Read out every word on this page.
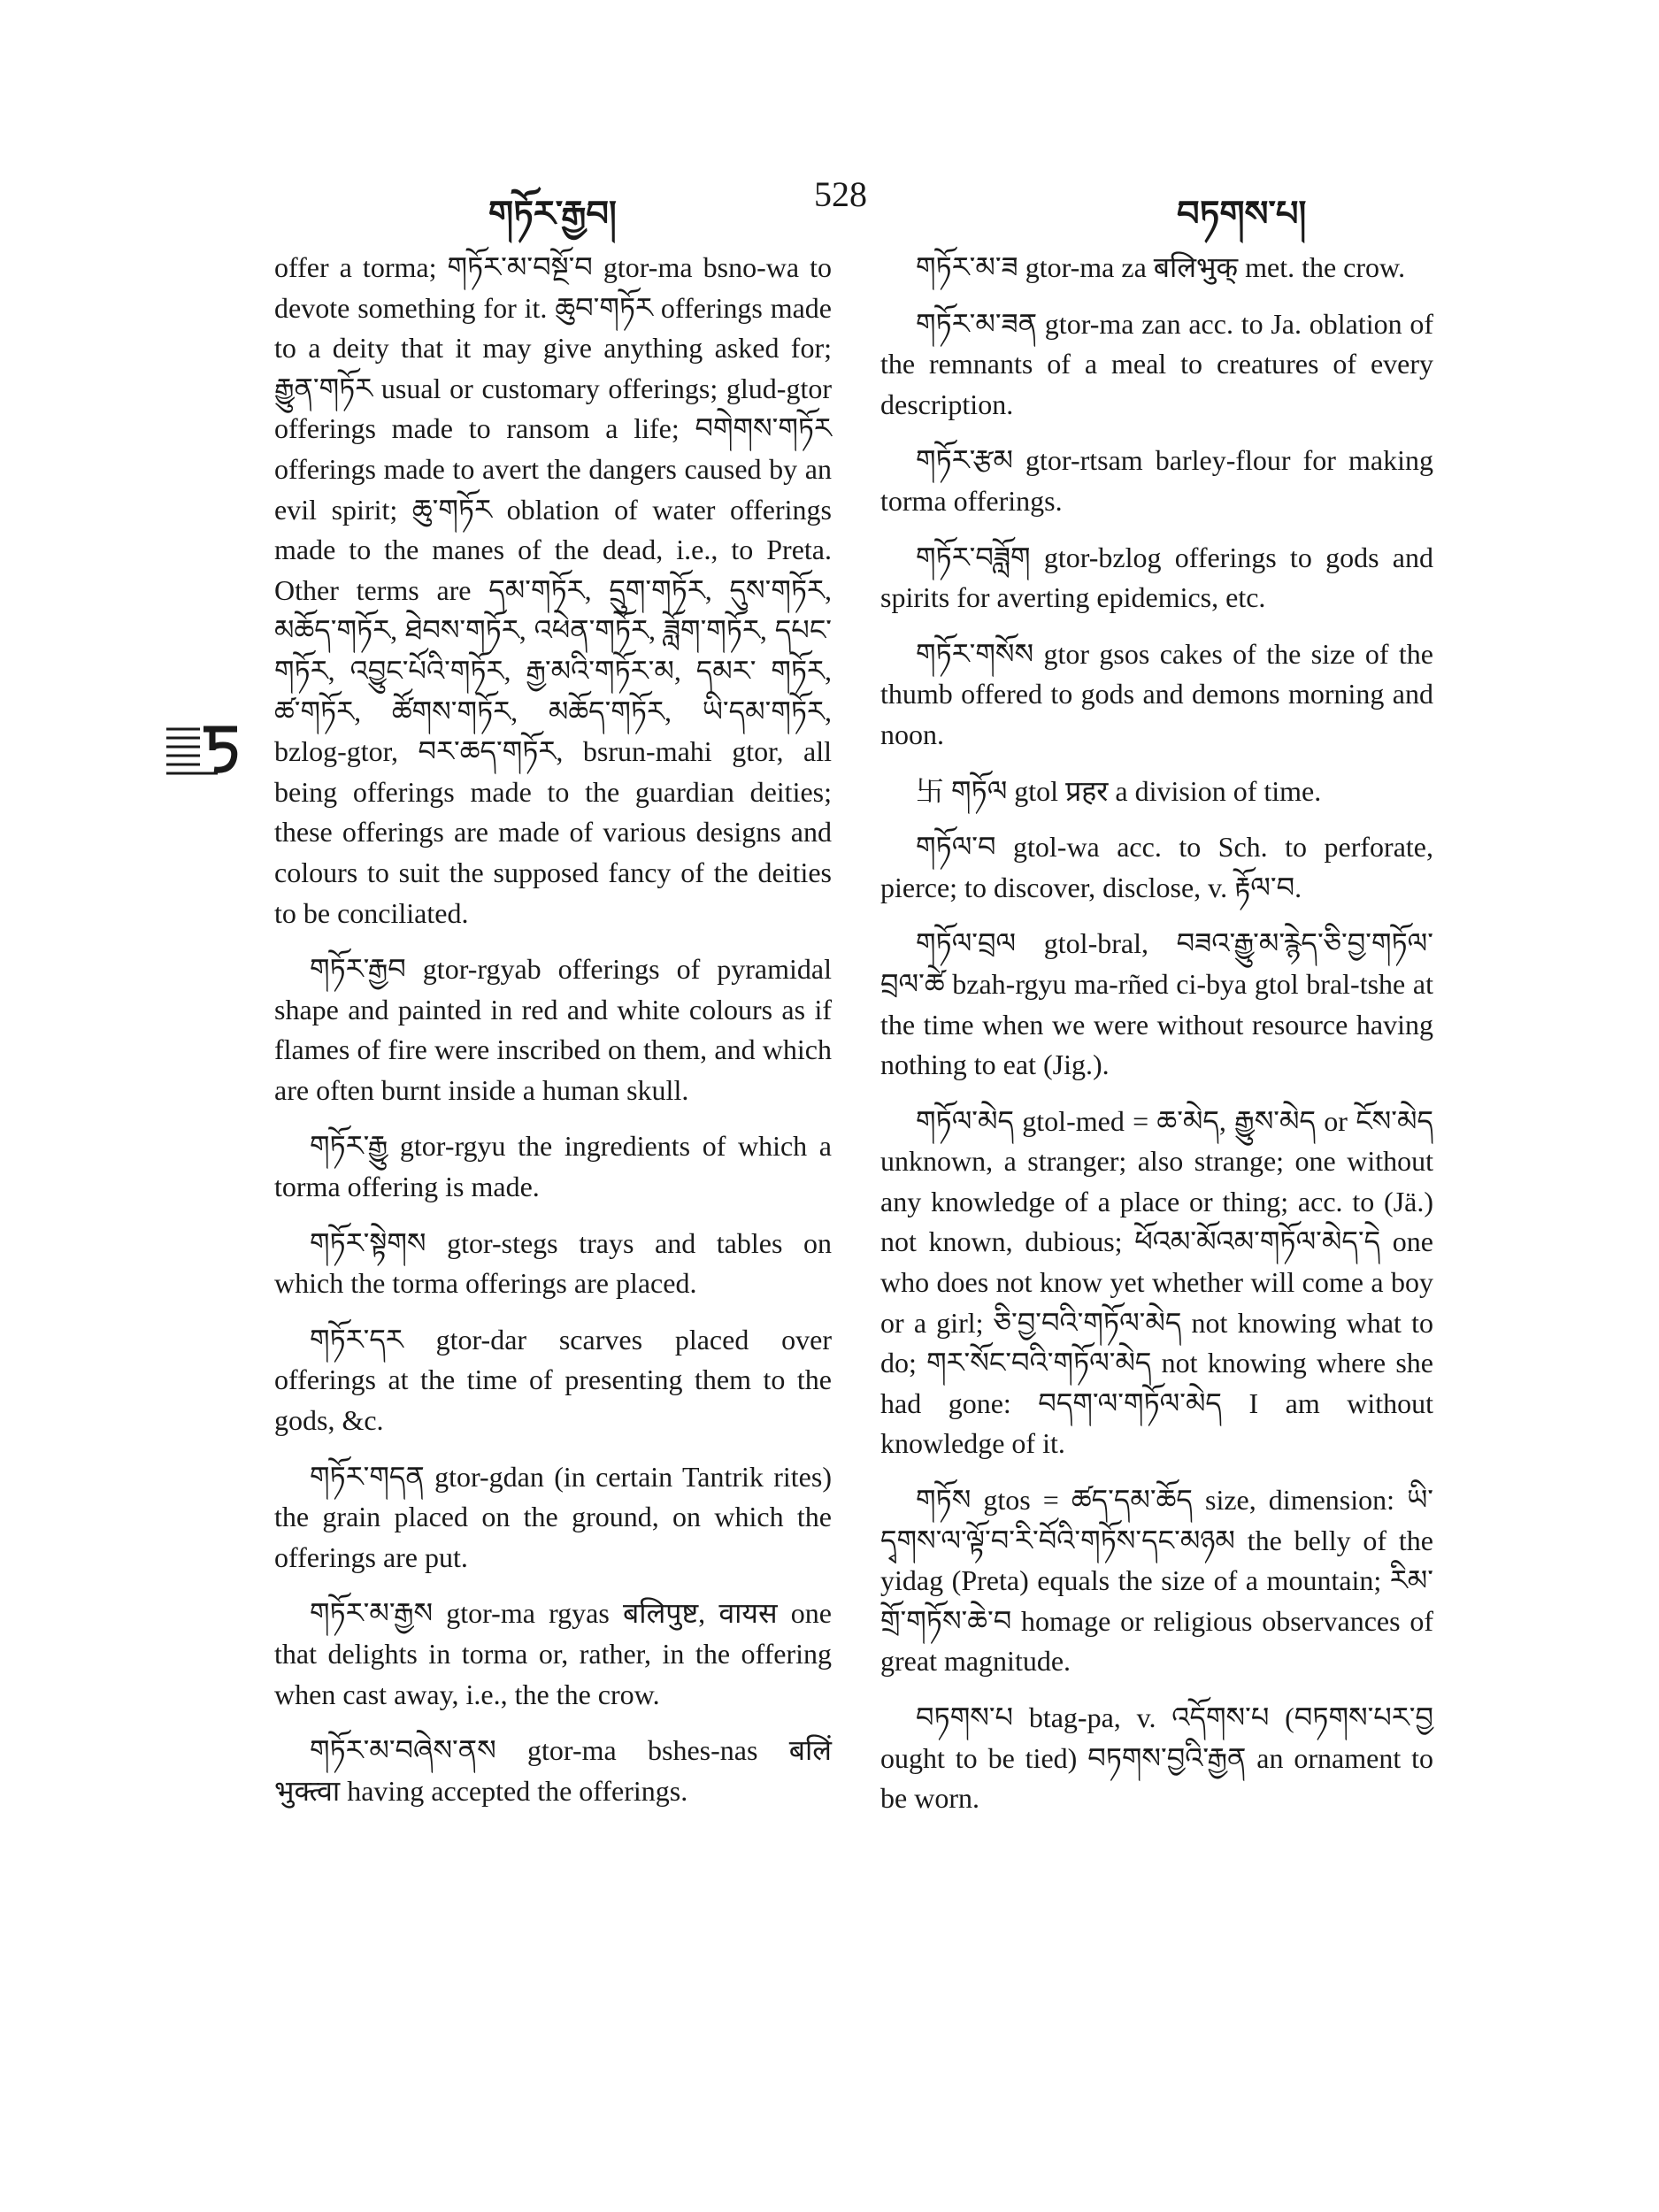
གཏོར་རྒྱབ།	528	བཏགས་པ།

offer a torma; གཏོར་མ་བསྔོ་བ gtor-ma bsno-wa to devote something for it. ཆུབ་གཏོར offerings made to a deity that it may give anything asked for; རྒྱུན་གཏོར usual or customary offerings; glud-gtor offerings made to ransom a life; བགེགས་གཏོར offerings made to avert the dangers caused by an evil spirit; ཆུ་གཏོར oblation of water offerings made to the manes of the dead, i.e., to Preta. Other terms are དམ་གཏོར, དྲུག་གཏོར, དུས་གཏོར, མཆོད་གཏོར, ཐེབས་གཏོར, འཕེན་གཏོར, ཟློག་གཏོར, དཔང་གཏོར, འབྱུང་པོའི་གཏོར, རྒྱ་མའི་གཏོར་མ, དམར་ གཏོར, ཚ་གཏོར, ཚོགས་གཏོར, མཆོད་གཏོར, ཡི་དམ་གཏོར, bzlog-gtor, བར་ཆད་གཏོར, bsrun-mahi gtor, all being offerings made to the guardian deities; these offerings are made of various designs and colours to suit the supposed fancy of the deities to be conciliated.

གཏོར་རྒྱབ gtor-rgyab offerings of pyramidal shape and painted in red and white colours as if flames of fire were inscribed on them, and which are often burnt inside a human skull.

གཏོར་རྒྱུ gtor-rgyu the ingredients of which a torma offering is made.

གཏོར་སྟེགས gtor-stegs trays and tables on which the torma offerings are placed.

གཏོར་དར gtor-dar scarves placed over offerings at the time of presenting them to the gods, &c.

གཏོར་གདན gtor-gdan (in certain Tantrik rites) the grain placed on the ground, on which the offerings are put.

གཏོར་མ་རྒྱས gtor-ma rgyas बलिपुष्ट, वायस one that delights in torma or, rather, in the offering when cast away, i.e., the the crow.

གཏོར་མ་བཞེས་ནས gtor-ma bshes-nas बलिं भुक्त्वा having accepted the offerings.

གཏོར་མ་ཟ gtor-ma za बलिभुक् met. the crow.

གཏོར་མ་ཟན gtor-ma zan acc. to Ja. oblation of the remnants of a meal to creatures of every description.

གཏོར་རྩམ gtor-rtsam barley-flour for making torma offerings.

གཏོར་བཟློག gtor-bzlog offerings to gods and spirits for averting epidemics, etc.

གཏོར་གསོས gtor gsos cakes of the size of the thumb offered to gods and demons morning and noon.

卐 གཏོལ gtol प्रहर a division of time.

གཏོལ་བ gtol-wa acc. to Sch. to perforate, pierce; to discover, disclose, v. རྟོལ་བ.

གཏོལ་བྲལ gtol-bral, བཟའ་རྒྱུ་མ་རྙེད་ཅི་བྱ་གཏོལ་བྲལ་ཚེ bzah-rgyu ma-rñed ci-bya gtol bral-tshe at the time when we were without resource having nothing to eat (Jig.).

གཏོལ་མེད gtol-med = ཆ་མེད, རྒྱུས་མེད or ངོས་མེད unknown, a stranger; also strange; one without any knowledge of a place or thing; acc. to (Jä.) not known, dubious; ཕོའམ་མོའམ་གཏོལ་མེད་དེ one who does not know yet whether will come a boy or a girl; ཅི་བྱ་བའི་གཏོལ་མེད not knowing what to do; གར་སོང་བའི་གཏོལ་མེད not knowing where she had gone: བདག་ལ་གཏོལ་མེད I am without knowledge of it.

གཏོས gtos = ཚད་དམ་ཆོད size, dimension: ཡི་དྭགས་ལ་ལྟོ་བ་རི་བོའི་གཏོས་དང་མཉམ the belly of the yidag (Preta) equals the size of a mountain; རིམ་གྲོ་གཏོས་ཆེ་བ homage or religious observances of great magnitude.

བཏགས་པ btag-pa, v. འདོགས་པ (བཏགས་པར་བྱ ought to be tied) བཏགས་བྱའི་རྒྱན an ornament to be worn.
